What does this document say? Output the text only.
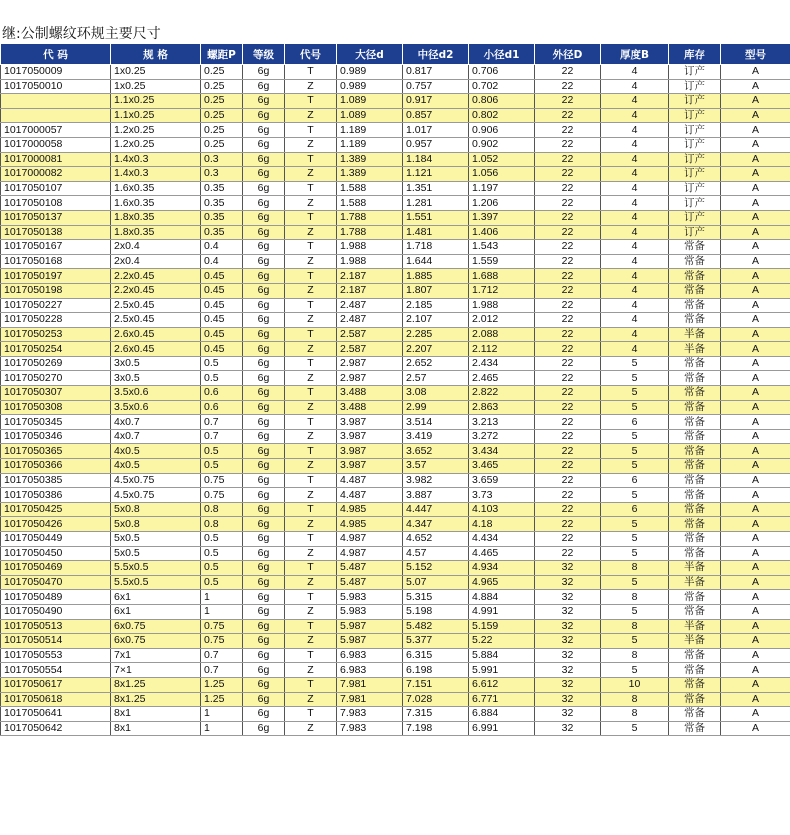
继:公制螺纹环规主要尺寸
代 码	规 格	螺距P	等级	代号	大径d	中径d2	小径d1	外径D	厚度B	库存	型号
1017050009	1x0.25	0.25	6g	T	0.989	0.817	0.706	22	4	订产	A
1017050010	1x0.25	0.25	6g	Z	0.989	0.757	0.702	22	4	订产	A
	1.1x0.25	0.25	6g	T	1.089	0.917	0.806	22	4	订产	A
	1.1x0.25	0.25	6g	Z	1.089	0.857	0.802	22	4	订产	A
1017000057	1.2x0.25	0.25	6g	T	1.189	1.017	0.906	22	4	订产	A
1017000058	1.2x0.25	0.25	6g	Z	1.189	0.957	0.902	22	4	订产	A
1017000081	1.4x0.3	0.3	6g	T	1.389	1.184	1.052	22	4	订产	A
1017000082	1.4x0.3	0.3	6g	Z	1.389	1.121	1.056	22	4	订产	A
1017050107	1.6x0.35	0.35	6g	T	1.588	1.351	1.197	22	4	订产	A
1017050108	1.6x0.35	0.35	6g	Z	1.588	1.281	1.206	22	4	订产	A
1017050137	1.8x0.35	0.35	6g	T	1.788	1.551	1.397	22	4	订产	A
1017050138	1.8x0.35	0.35	6g	Z	1.788	1.481	1.406	22	4	订产	A
1017050167	2x0.4	0.4	6g	T	1.988	1.718	1.543	22	4	常备	A
1017050168	2x0.4	0.4	6g	Z	1.988	1.644	1.559	22	4	常备	A
1017050197	2.2x0.45	0.45	6g	T	2.187	1.885	1.688	22	4	常备	A
1017050198	2.2x0.45	0.45	6g	Z	2.187	1.807	1.712	22	4	常备	A
1017050227	2.5x0.45	0.45	6g	T	2.487	2.185	1.988	22	4	常备	A
1017050228	2.5x0.45	0.45	6g	Z	2.487	2.107	2.012	22	4	常备	A
1017050253	2.6x0.45	0.45	6g	T	2.587	2.285	2.088	22	4	半备	A
1017050254	2.6x0.45	0.45	6g	Z	2.587	2.207	2.112	22	4	半备	A
1017050269	3x0.5	0.5	6g	T	2.987	2.652	2.434	22	5	常备	A
1017050270	3x0.5	0.5	6g	Z	2.987	2.57	2.465	22	5	常备	A
1017050307	3.5x0.6	0.6	6g	T	3.488	3.08	2.822	22	5	常备	A
1017050308	3.5x0.6	0.6	6g	Z	3.488	2.99	2.863	22	5	常备	A
1017050345	4x0.7	0.7	6g	T	3.987	3.514	3.213	22	6	常备	A
1017050346	4x0.7	0.7	6g	Z	3.987	3.419	3.272	22	5	常备	A
1017050365	4x0.5	0.5	6g	T	3.987	3.652	3.434	22	5	常备	A
1017050366	4x0.5	0.5	6g	Z	3.987	3.57	3.465	22	5	常备	A
1017050385	4.5x0.75	0.75	6g	T	4.487	3.982	3.659	22	6	常备	A
1017050386	4.5x0.75	0.75	6g	Z	4.487	3.887	3.73	22	5	常备	A
1017050425	5x0.8	0.8	6g	T	4.985	4.447	4.103	22	6	常备	A
1017050426	5x0.8	0.8	6g	Z	4.985	4.347	4.18	22	5	常备	A
1017050449	5x0.5	0.5	6g	T	4.987	4.652	4.434	22	5	常备	A
1017050450	5x0.5	0.5	6g	Z	4.987	4.57	4.465	22	5	常备	A
1017050469	5.5x0.5	0.5	6g	T	5.487	5.152	4.934	32	8	半备	A
1017050470	5.5x0.5	0.5	6g	Z	5.487	5.07	4.965	32	5	半备	A
1017050489	6x1	1	6g	T	5.983	5.315	4.884	32	8	常备	A
1017050490	6x1	1	6g	Z	5.983	5.198	4.991	32	5	常备	A
1017050513	6x0.75	0.75	6g	T	5.987	5.482	5.159	32	8	半备	A
1017050514	6x0.75	0.75	6g	Z	5.987	5.377	5.22	32	5	半备	A
1017050553	7x1	0.7	6g	T	6.983	6.315	5.884	32	8	常备	A
1017050554	7×1	0.7	6g	Z	6.983	6.198	5.991	32	5	常备	A
1017050617	8x1.25	1.25	6g	T	7.981	7.151	6.612	32	10	常备	A
1017050618	8x1.25	1.25	6g	Z	7.981	7.028	6.771	32	8	常备	A
1017050641	8x1	1	6g	T	7.983	7.315	6.884	32	8	常备	A
1017050642	8x1	1	6g	Z	7.983	7.198	6.991	32	5	常备	A
